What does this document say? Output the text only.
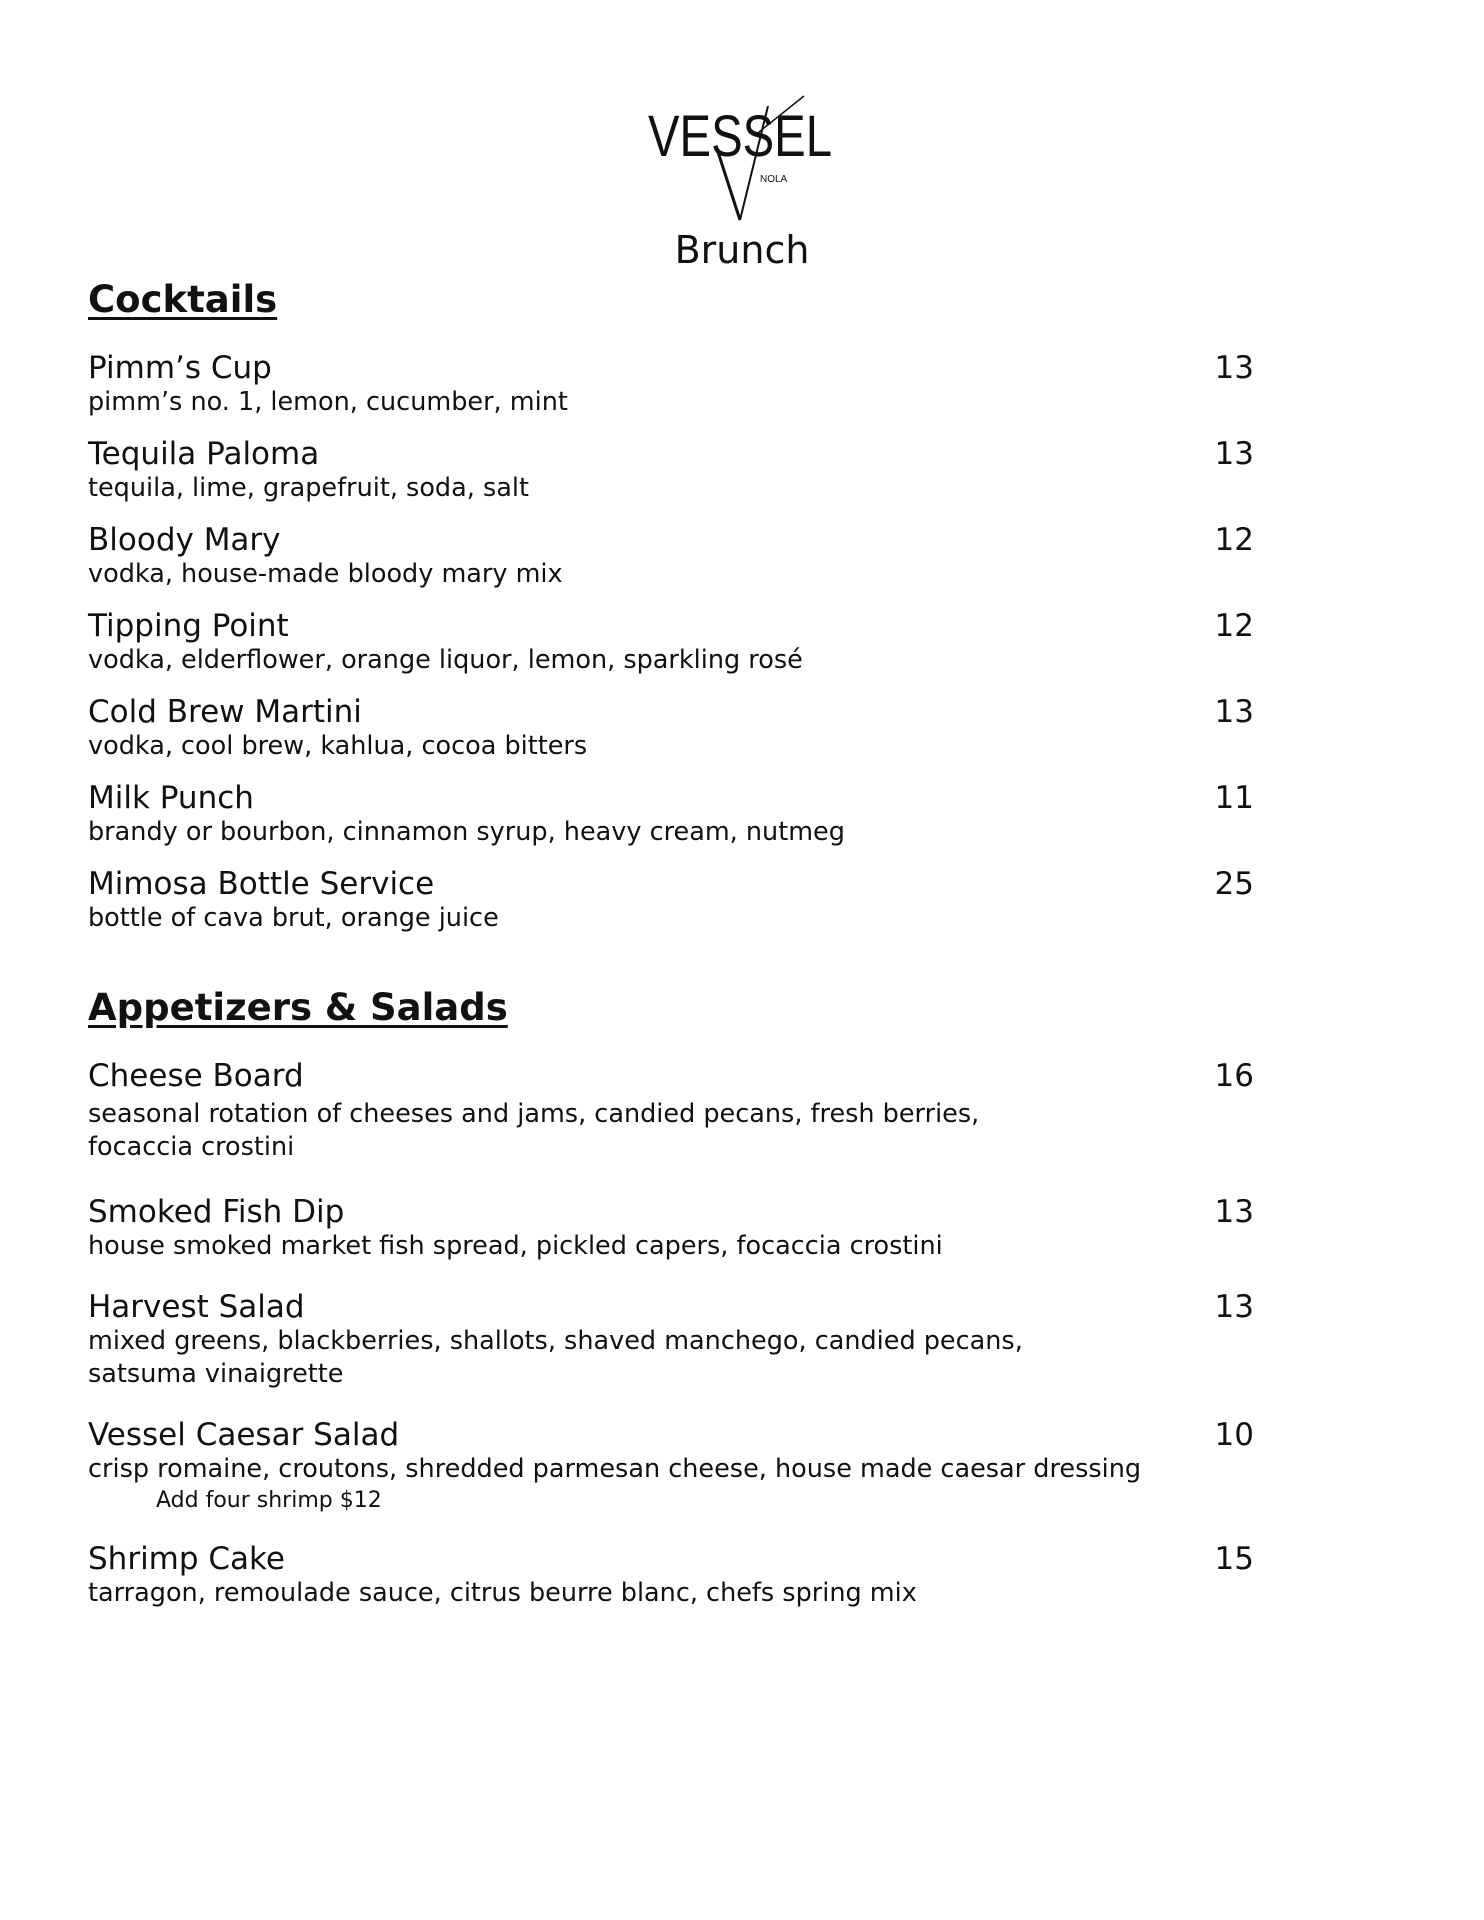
VESSEL
NOLA
Brunch
Cocktails
Pimm’s Cup	13
pimm’s no. 1, lemon, cucumber, mint
Tequila Paloma	13
tequila, lime, grapefruit, soda, salt
Bloody Mary	12
vodka, house-made bloody mary mix
Tipping Point	12
vodka, elderflower, orange liquor, lemon, sparkling rosé
Cold Brew Martini	13
vodka, cool brew, kahlua, cocoa bitters
Milk Punch	11
brandy or bourbon, cinnamon syrup, heavy cream, nutmeg
Mimosa Bottle Service	25
bottle of cava brut, orange juice
Appetizers & Salads
Cheese Board	16
seasonal rotation of cheeses and jams, candied pecans, fresh berries,
focaccia crostini
Smoked Fish Dip	13
house smoked market fish spread, pickled capers, focaccia crostini
Harvest Salad	13
mixed greens, blackberries, shallots, shaved manchego, candied pecans,
satsuma vinaigrette
Vessel Caesar Salad	10
crisp romaine, croutons, shredded parmesan cheese, house made caesar dressing
Add four shrimp $12
Shrimp Cake	15
tarragon, remoulade sauce, citrus beurre blanc, chefs spring mix
